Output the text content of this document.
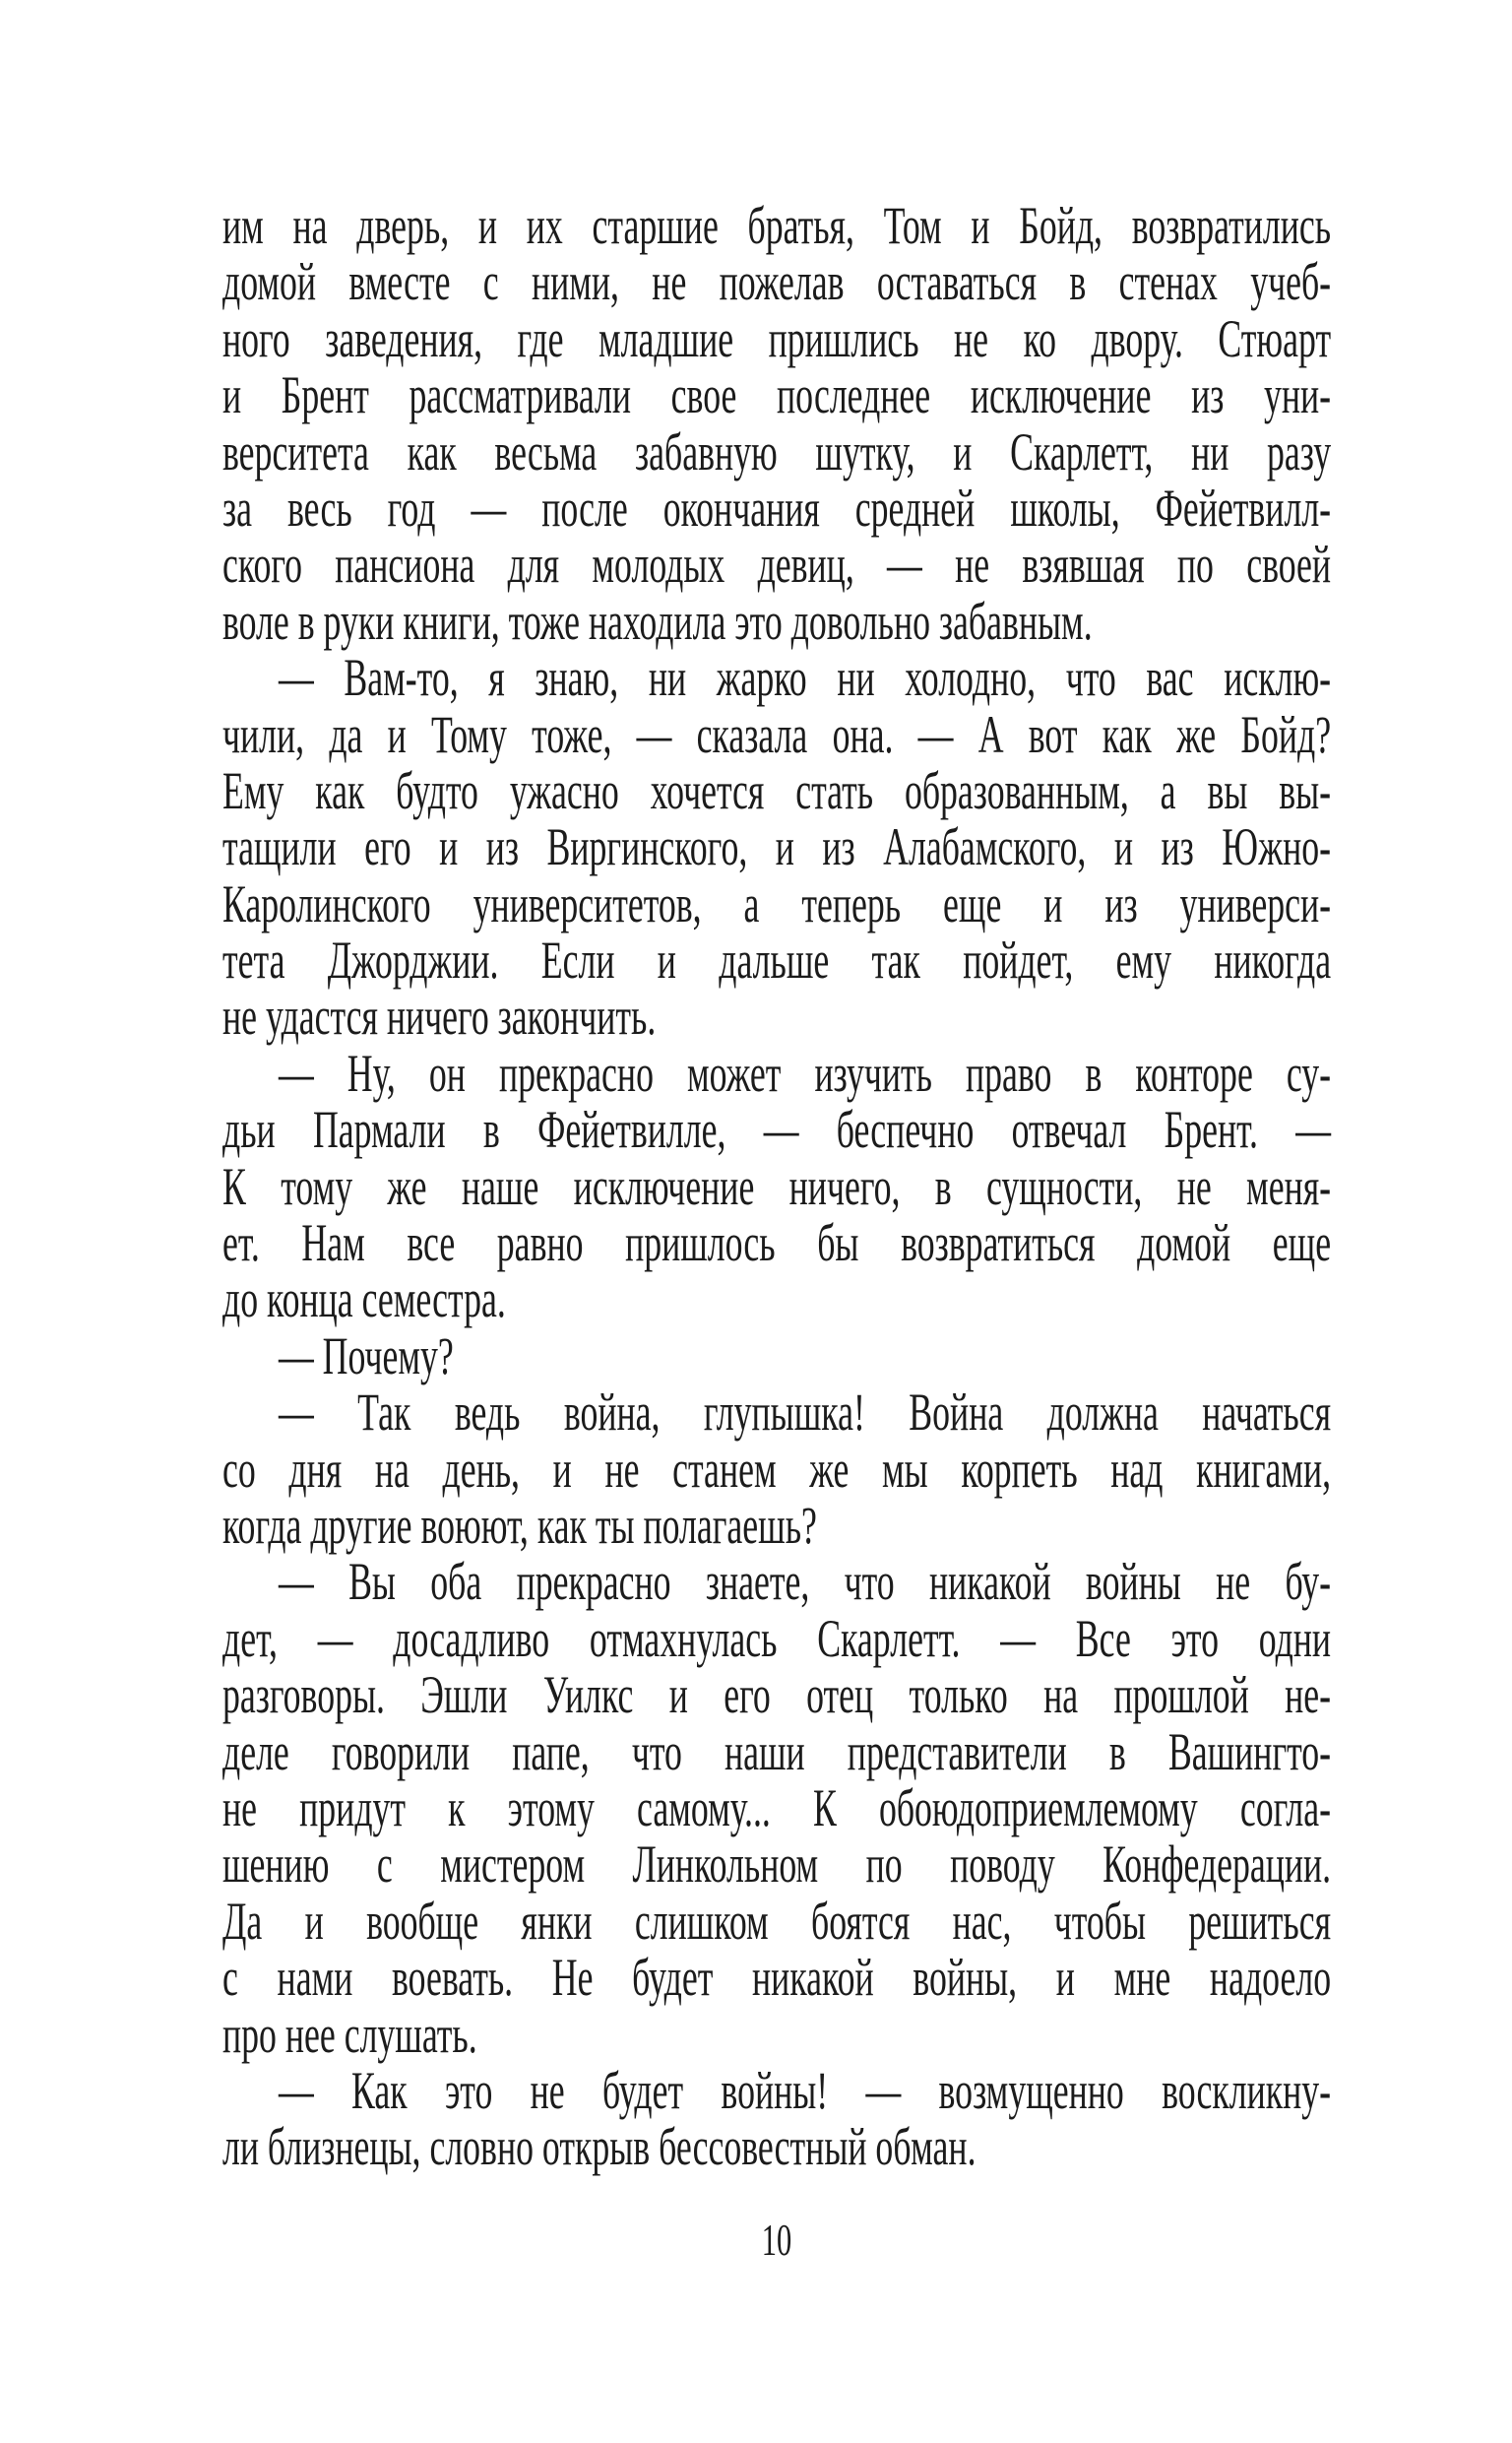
им на дверь, и их старшие братья, Том и Бойд, возвратились
домой вместе с ними, не пожелав оставаться в стенах учеб-
ного заведения, где младшие пришлись не ко двору. Стюарт
и Брент рассматривали свое последнее исключение из уни-
верситета как весьма забавную шутку, и Скарлетт, ни разу
за весь год — после окончания средней школы, Фейетвилл-
ского пансиона для молодых девиц, — не взявшая по своей
воле в руки книги, тоже находила это довольно забавным.
— Вам-то, я знаю, ни жарко ни холодно, что вас исклю-
чили, да и Тому тоже, — сказала она. — А вот как же Бойд?
Ему как будто ужасно хочется стать образованным, а вы вы-
тащили его и из Виргинского, и из Алабамского, и из Южно-
Каролинского университетов, а теперь еще и из универси-
тета Джорджии. Если и дальше так пойдет, ему никогда
не удастся ничего закончить.
— Ну, он прекрасно может изучить право в конторе су-
дьи Пармали в Фейетвилле, — беспечно отвечал Брент. —
К тому же наше исключение ничего, в сущности, не меня-
ет. Нам все равно пришлось бы возвратиться домой еще
до конца семестра.
— Почему?
— Так ведь война, глупышка! Война должна начаться
со дня на день, и не станем же мы корпеть над книгами,
когда другие воюют, как ты полагаешь?
— Вы оба прекрасно знаете, что никакой войны не бу-
дет, — досадливо отмахнулась Скарлетт. — Все это одни
разговоры. Эшли Уилкс и его отец только на прошлой не-
деле говорили папе, что наши представители в Вашингто-
не придут к этому самому... К обоюдоприемлемому согла-
шению с мистером Линкольном по поводу Конфедерации.
Да и вообще янки слишком боятся нас, чтобы решиться
с нами воевать. Не будет никакой войны, и мне надоело
про нее слушать.
— Как это не будет войны! — возмущенно воскликну-
ли близнецы, словно открыв бессовестный обман.
10
